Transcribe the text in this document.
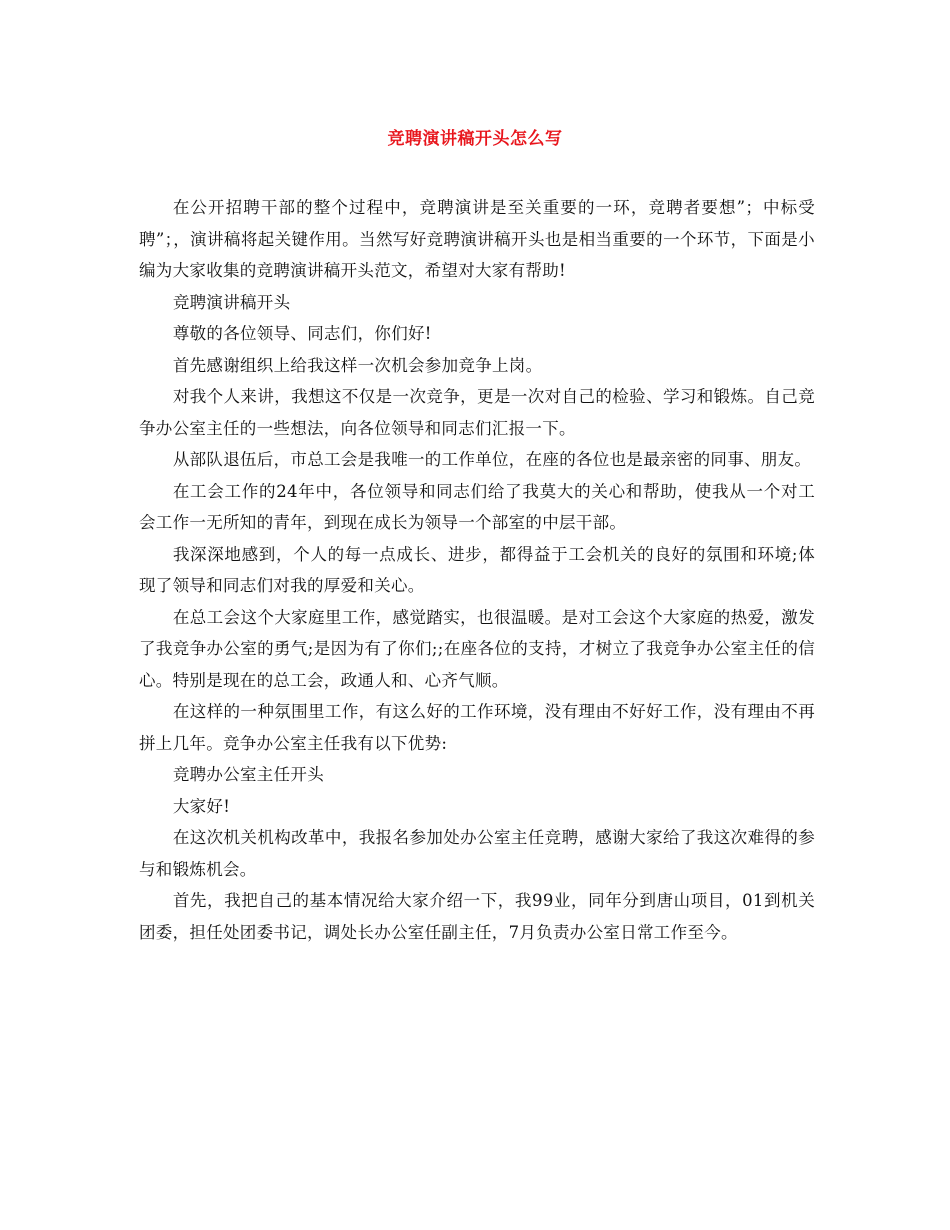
竞聘演讲稿开头怎么写

在公开招聘干部的整个过程中，竞聘演讲是至关重要的一环，竞聘者要想”；中标受聘”；，演讲稿将起关键作用。当然写好竞聘演讲稿开头也是相当重要的一个环节，下面是小编为大家收集的竞聘演讲稿开头范文，希望对大家有帮助!

竞聘演讲稿开头

尊敬的各位领导、同志们，你们好!

首先感谢组织上给我这样一次机会参加竞争上岗。

对我个人来讲，我想这不仅是一次竞争，更是一次对自己的检验、学习和锻炼。自己竞争办公室主任的一些想法，向各位领导和同志们汇报一下。

从部队退伍后，市总工会是我唯一的工作单位，在座的各位也是最亲密的同事、朋友。

在工会工作的24年中，各位领导和同志们给了我莫大的关心和帮助，使我从一个对工会工作一无所知的青年，到现在成长为领导一个部室的中层干部。

我深深地感到，个人的每一点成长、进步，都得益于工会机关的良好的氛围和环境;体现了领导和同志们对我的厚爱和关心。

在总工会这个大家庭里工作，感觉踏实，也很温暖。是对工会这个大家庭的热爱，激发了我竞争办公室的勇气;是因为有了你们;;在座各位的支持，才树立了我竞争办公室主任的信心。特别是现在的总工会，政通人和、心齐气顺。

在这样的一种氛围里工作，有这么好的工作环境，没有理由不好好工作，没有理由不再拼上几年。竞争办公室主任我有以下优势:

竞聘办公室主任开头

大家好!

在这次机关机构改革中，我报名参加处办公室主任竞聘，感谢大家给了我这次难得的参与和锻炼机会。

首先，我把自己的基本情况给大家介绍一下，我99业，同年分到唐山项目，01到机关团委，担任处团委书记，调处长办公室任副主任，7月负责办公室日常工作至今。
